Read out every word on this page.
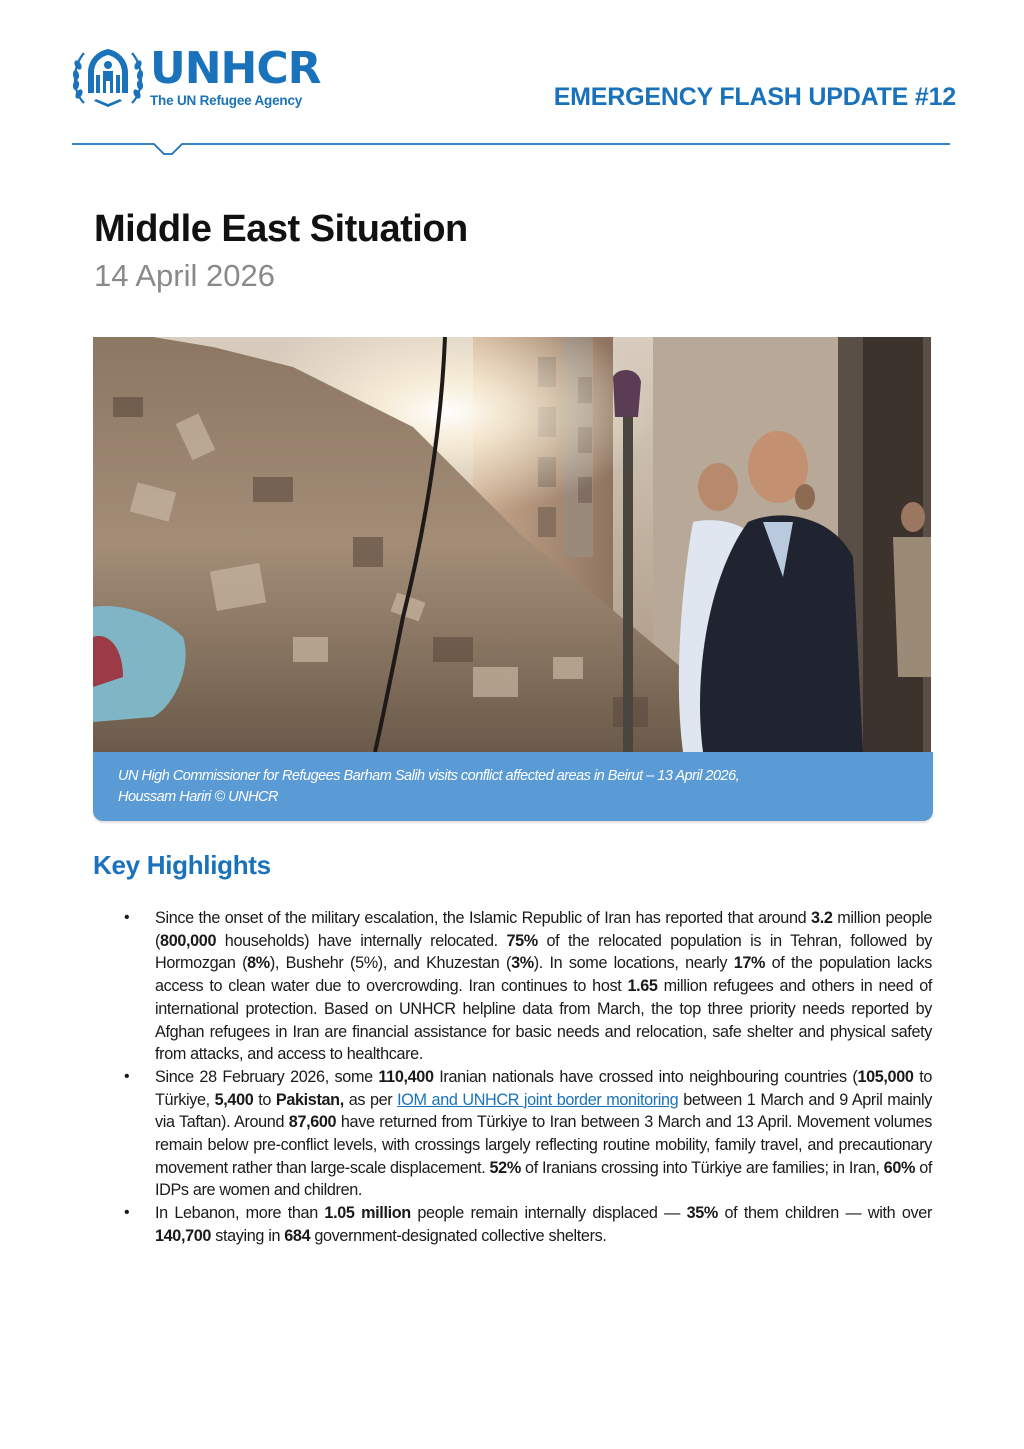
UNHCR
The UN Refugee Agency	EMERGENCY FLASH UPDATE #12
Middle East Situation
14 April 2026

UN High Commissioner for Refugees Barham Salih visits conflict affected areas in Beirut – 13 April 2026,

Houssam Hariri © UNHCR

Key Highlights
• Since the onset of the military escalation, the Islamic Republic of Iran has reported that around 3.2 million people (800,000 households) have internally relocated. 75% of the relocated population is in Tehran, followed by Hormozgan (8%), Bushehr (5%), and Khuzestan (3%). In some locations, nearly 17% of the population lacks access to clean water due to overcrowding. Iran continues to host 1.65 million refugees and others in need of international protection. Based on UNHCR helpline data from March, the top three priority needs reported by Afghan refugees in Iran are financial assistance for basic needs and relocation, safe shelter and physical safety from attacks, and access to healthcare.
• Since 28 February 2026, some 110,400 Iranian nationals have crossed into neighbouring countries (105,000 to Türkiye, 5,400 to Pakistan, as per IOM and UNHCR joint border monitoring between 1 March and 9 April mainly via Taftan). Around 87,600 have returned from Türkiye to Iran between 3 March and 13 April. Movement volumes remain below pre-conflict levels, with crossings largely reflecting routine mobility, family travel, and precautionary movement rather than large-scale displacement. 52% of Iranians crossing into Türkiye are families; in Iran, 60% of IDPs are women and children.
• In Lebanon, more than 1.05 million people remain internally displaced — 35% of them children — with over 140,700 staying in 684 government-designated collective shelters.
